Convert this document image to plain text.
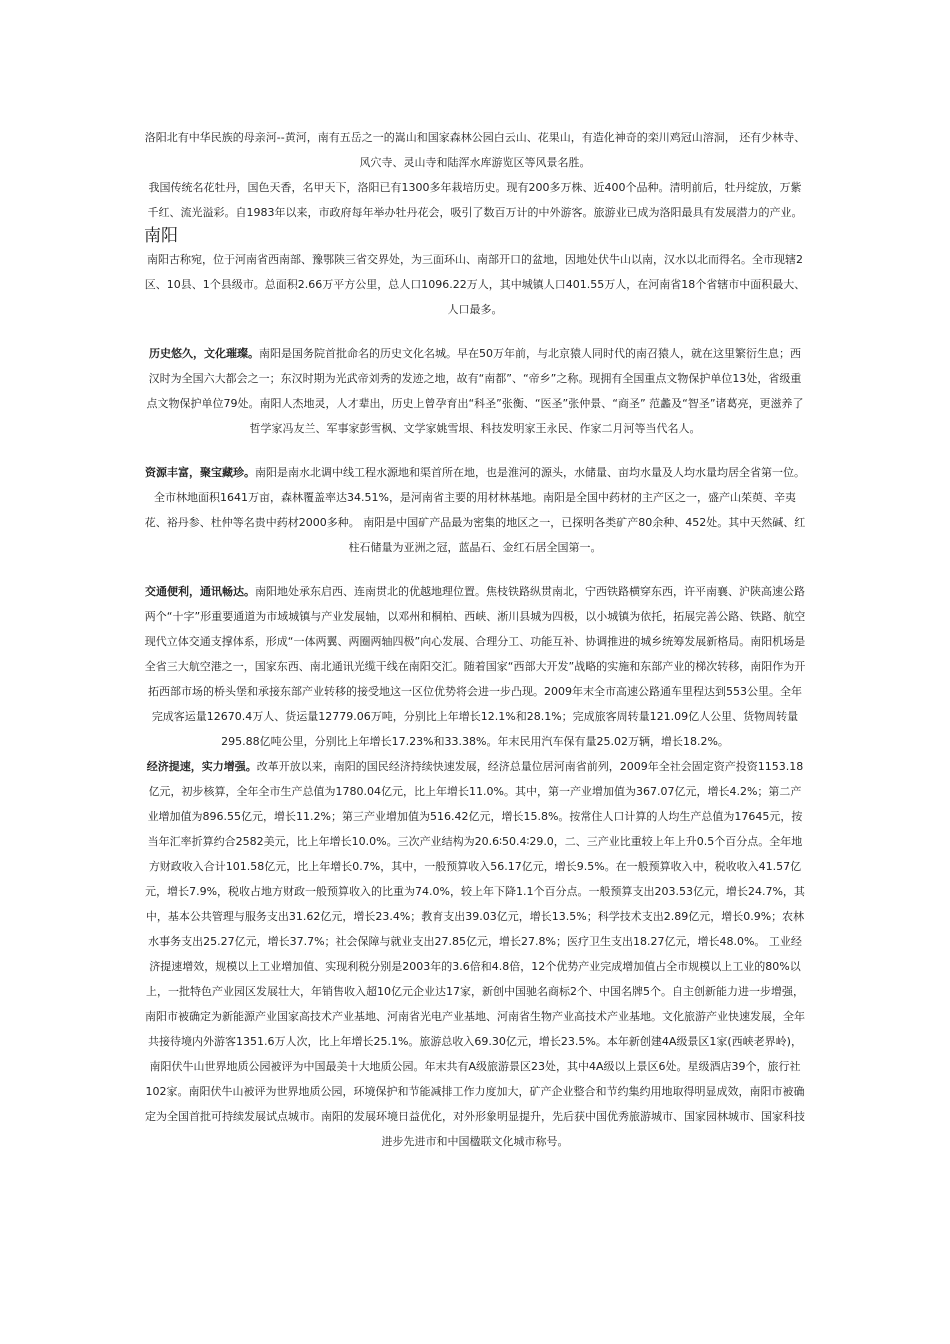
洛阳北有中华民族的母亲河--黄河，南有五岳之一的嵩山和国家森林公园白云山、花果山，有造化神奇的栾川鸡冠山溶洞， 还有少林寺、风穴寺、灵山寺和陆浑水库游览区等风景名胜。

我国传统名花牡丹，国色天香，名甲天下，洛阳已有1300多年栽培历史。现有200多万株、近400个品种。清明前后，牡丹绽放，万紫千红、流光溢彩。自1983年以来，市政府每年举办牡丹花会，吸引了数百万计的中外游客。旅游业已成为洛阳最具有发展潜力的产业。

南阳

南阳古称宛，位于河南省西南部、豫鄂陕三省交界处，为三面环山、南部开口的盆地，因地处伏牛山以南，汉水以北而得名。全市现辖2区、10县、1个县级市。总面积2.66万平方公里，总人口1096.22万人，其中城镇人口401.55万人，在河南省18个省辖市中面积最大、人口最多。

历史悠久，文化璀璨。南阳是国务院首批命名的历史文化名城。早在50万年前，与北京猿人同时代的南召猿人，就在这里繁衍生息；西汉时为全国六大都会之一；东汉时期为光武帝刘秀的发迹之地，故有“南都”、“帝乡”之称。现拥有全国重点文物保护单位13处，省级重点文物保护单位79处。南阳人杰地灵，人才辈出，历史上曾孕育出“科圣”张衡、“医圣”张仲景、“商圣” 范蠡及“智圣”诸葛亮，更滋养了哲学家冯友兰、军事家彭雪枫、文学家姚雪垠、科技发明家王永民、作家二月河等当代名人。

资源丰富，聚宝藏珍。南阳是南水北调中线工程水源地和渠首所在地，也是淮河的源头，水储量、亩均水量及人均水量均居全省第一位。 全市林地面积1641万亩，森林覆盖率达34.51%，是河南省主要的用材林基地。南阳是全国中药材的主产区之一，盛产山茱萸、辛夷花、裕丹参、杜仲等名贵中药材2000多种。 南阳是中国矿产品最为密集的地区之一，已探明各类矿产80余种、452处。其中天然碱、红柱石储量为亚洲之冠，蓝晶石、金红石居全国第一。

交通便利，通讯畅达。南阳地处承东启西、连南贯北的优越地理位置。焦枝铁路纵贯南北，宁西铁路横穿东西，许平南襄、沪陕高速公路两个“十字”形重要通道为市域城镇与产业发展轴，以邓州和桐柏、西峡、淅川县城为四极，以小城镇为依托，拓展完善公路、铁路、航空现代立体交通支撑体系，形成“一体两翼、两圈两轴四极”向心发展、合理分工、功能互补、协调推进的城乡统筹发展新格局。南阳机场是全省三大航空港之一，国家东西、南北通讯光缆干线在南阳交汇。随着国家“西部大开发”战略的实施和东部产业的梯次转移，南阳作为开拓西部市场的桥头堡和承接东部产业转移的接受地这一区位优势将会进一步凸现。2009年末全市高速公路通车里程达到553公里。全年完成客运量12670.4万人、货运量12779.06万吨，分别比上年增长12.1%和28.1%；完成旅客周转量121.09亿人公里、货物周转量295.88亿吨公里，分别比上年增长17.23%和33.38%。年末民用汽车保有量25.02万辆，增长18.2%。

经济提速，实力增强。改革开放以来，南阳的国民经济持续快速发展，经济总量位居河南省前列，2009年全社会固定资产投资1153.18亿元，初步核算，全年全市生产总值为1780.04亿元，比上年增长11.0%。其中，第一产业增加值为367.07亿元，增长4.2%；第二产业增加值为896.55亿元，增长11.2%；第三产业增加值为516.42亿元，增长15.8%。按常住人口计算的人均生产总值为17645元，按当年汇率折算约合2582美元，比上年增长10.0%。三次产业结构为20.6∶50.4∶29.0，二、三产业比重较上年上升0.5个百分点。全年地方财政收入合计101.58亿元，比上年增长0.7%，其中，一般预算收入56.17亿元，增长9.5%。在一般预算收入中，税收收入41.57亿元，增长7.9%，税收占地方财政一般预算收入的比重为74.0%，较上年下降1.1个百分点。一般预算支出203.53亿元，增长24.7%，其中，基本公共管理与服务支出31.62亿元，增长23.4%；教育支出39.03亿元，增长13.5%；科学技术支出2.89亿元，增长0.9%；农林水事务支出25.27亿元，增长37.7%；社会保障与就业支出27.85亿元，增长27.8%；医疗卫生支出18.27亿元，增长48.0%。 工业经济提速增效，规模以上工业增加值、实现利税分别是2003年的3.6倍和4.8倍，12个优势产业完成增加值占全市规模以上工业的80%以上，一批特色产业园区发展壮大，年销售收入超10亿元企业达17家，新创中国驰名商标2个、中国名牌5个。自主创新能力进一步增强，南阳市被确定为新能源产业国家高技术产业基地、河南省光电产业基地、河南省生物产业高技术产业基地。文化旅游产业快速发展，全年共接待境内外游客1351.6万人次，比上年增长25.1%。旅游总收入69.30亿元，增长23.5%。本年新创建4A级景区1家(西峡老界岭)，南阳伏牛山世界地质公园被评为中国最美十大地质公园。年末共有A级旅游景区23处，其中4A级以上景区6处。星级酒店39个，旅行社102家。南阳伏牛山被评为世界地质公园，环境保护和节能减排工作力度加大，矿产企业整合和节约集约用地取得明显成效，南阳市被确定为全国首批可持续发展试点城市。南阳的发展环境日益优化，对外形象明显提升，先后获中国优秀旅游城市、国家园林城市、国家科技进步先进市和中国楹联文化城市称号。
